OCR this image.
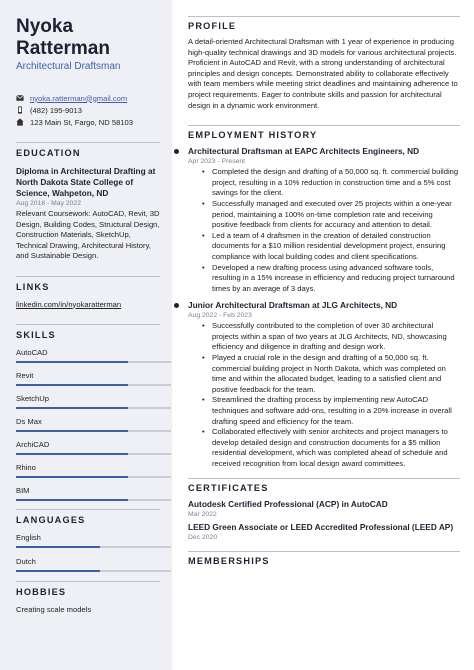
Nyoka
Ratterman
Architectural Draftsman
nyoka.ratterman@gmail.com
(482) 195-9013
123 Main St, Fargo, ND 58103
EDUCATION
Diploma in Architectural Drafting at North Dakota State College of Science, Wahpeton, ND
Aug 2018 - May 2022
Relevant Coursework: AutoCAD, Revit, 3D Design, Building Codes, Structural Design, Construction Materials, SketchUp, Technical Drawing, Architectural History, and Sustainable Design.
LINKS
linkedin.com/in/nyokaratterman
SKILLS
AutoCAD
Revit
SketchUp
Ds Max
ArchiCAD
Rhino
BIM
LANGUAGES
English
Dutch
HOBBIES
Creating scale models
PROFILE
A detail-oriented Architectural Draftsman with 1 year of experience in producing high-quality technical drawings and 3D models for various architectural projects. Proficient in AutoCAD and Revit, with a strong understanding of architectural principles and design concepts. Demonstrated ability to collaborate effectively with team members while meeting strict deadlines and maintaining adherence to project requirements. Eager to contribute skills and passion for architectural design in a dynamic work environment.
EMPLOYMENT HISTORY
Architectural Draftsman at EAPC Architects Engineers, ND
Apr 2023 - Present
• Completed the design and drafting of a 50,000 sq. ft. commercial building project, resulting in a 10% reduction in construction time and a 5% cost savings for the client.
• Successfully managed and executed over 25 projects within a one-year period, maintaining a 100% on-time completion rate and receiving positive feedback from clients for accuracy and attention to detail.
• Led a team of 4 draftsmen in the creation of detailed construction documents for a $10 million residential development project, ensuring compliance with local building codes and client specifications.
• Developed a new drafting process using advanced software tools, resulting in a 15% increase in efficiency and reducing project turnaround times by an average of 3 days.
Junior Architectural Draftsman at JLG Architects, ND
Aug 2022 - Feb 2023
• Successfully contributed to the completion of over 30 architectural projects within a span of two years at JLG Architects, ND, showcasing efficiency and diligence in drafting and design work.
• Played a crucial role in the design and drafting of a 50,000 sq. ft. commercial building project in North Dakota, which was completed on time and within the allocated budget, leading to a satisfied client and positive feedback for the team.
• Streamlined the drafting process by implementing new AutoCAD techniques and software add-ons, resulting in a 20% increase in overall drafting speed and efficiency for the team.
• Collaborated effectively with senior architects and project managers to develop detailed design and construction documents for a $5 million residential development, which was completed ahead of schedule and received recognition from local design award committees.
CERTIFICATES
Autodesk Certified Professional (ACP) in AutoCAD
Mar 2022
LEED Green Associate or LEED Accredited Professional (LEED AP)
Dec 2020
MEMBERSHIPS
